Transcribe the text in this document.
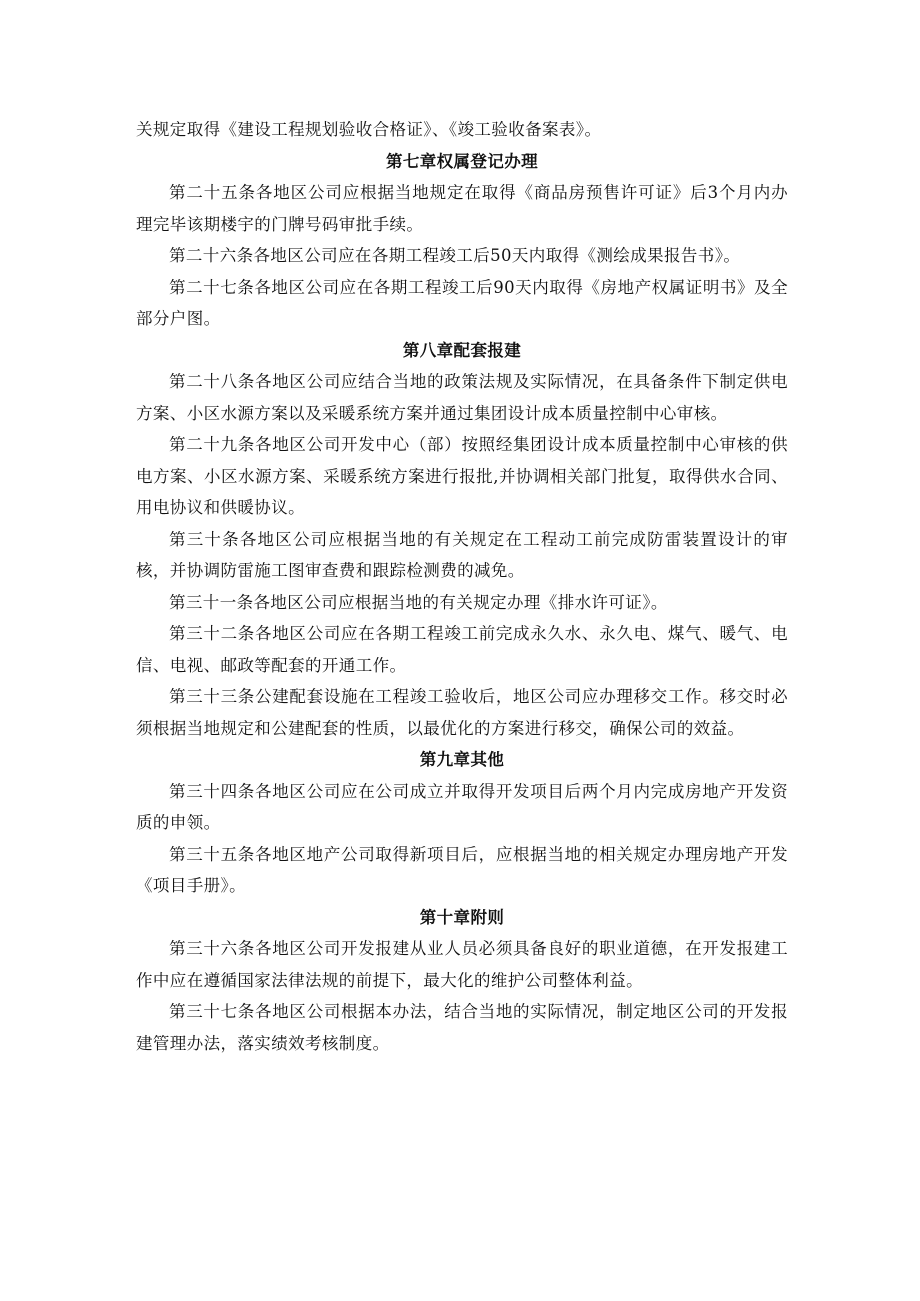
关规定取得《建设工程规划验收合格证》、《竣工验收备案表》。

第七章权属登记办理

第二十五条各地区公司应根据当地规定在取得《商品房预售许可证》后3个月内办理完毕该期楼宇的门牌号码审批手续。

第二十六条各地区公司应在各期工程竣工后50天内取得《测绘成果报告书》。

第二十七条各地区公司应在各期工程竣工后90天内取得《房地产权属证明书》及全部分户图。

第八章配套报建

第二十八条各地区公司应结合当地的政策法规及实际情况，在具备条件下制定供电方案、小区水源方案以及采暖系统方案并通过集团设计成本质量控制中心审核。

第二十九条各地区公司开发中心（部）按照经集团设计成本质量控制中心审核的供电方案、小区水源方案、采暖系统方案进行报批,并协调相关部门批复，取得供水合同、用电协议和供暖协议。

第三十条各地区公司应根据当地的有关规定在工程动工前完成防雷装置设计的审核，并协调防雷施工图审查费和跟踪检测费的减免。

第三十一条各地区公司应根据当地的有关规定办理《排水许可证》。

第三十二条各地区公司应在各期工程竣工前完成永久水、永久电、煤气、暖气、电信、电视、邮政等配套的开通工作。

第三十三条公建配套设施在工程竣工验收后，地区公司应办理移交工作。移交时必须根据当地规定和公建配套的性质，以最优化的方案进行移交，确保公司的效益。

第九章其他

第三十四条各地区公司应在公司成立并取得开发项目后两个月内完成房地产开发资质的申领。

第三十五条各地区地产公司取得新项目后，应根据当地的相关规定办理房地产开发《项目手册》。

第十章附则

第三十六条各地区公司开发报建从业人员必须具备良好的职业道德，在开发报建工作中应在遵循国家法律法规的前提下，最大化的维护公司整体利益。

第三十七条各地区公司根据本办法，结合当地的实际情况，制定地区公司的开发报建管理办法，落实绩效考核制度。
